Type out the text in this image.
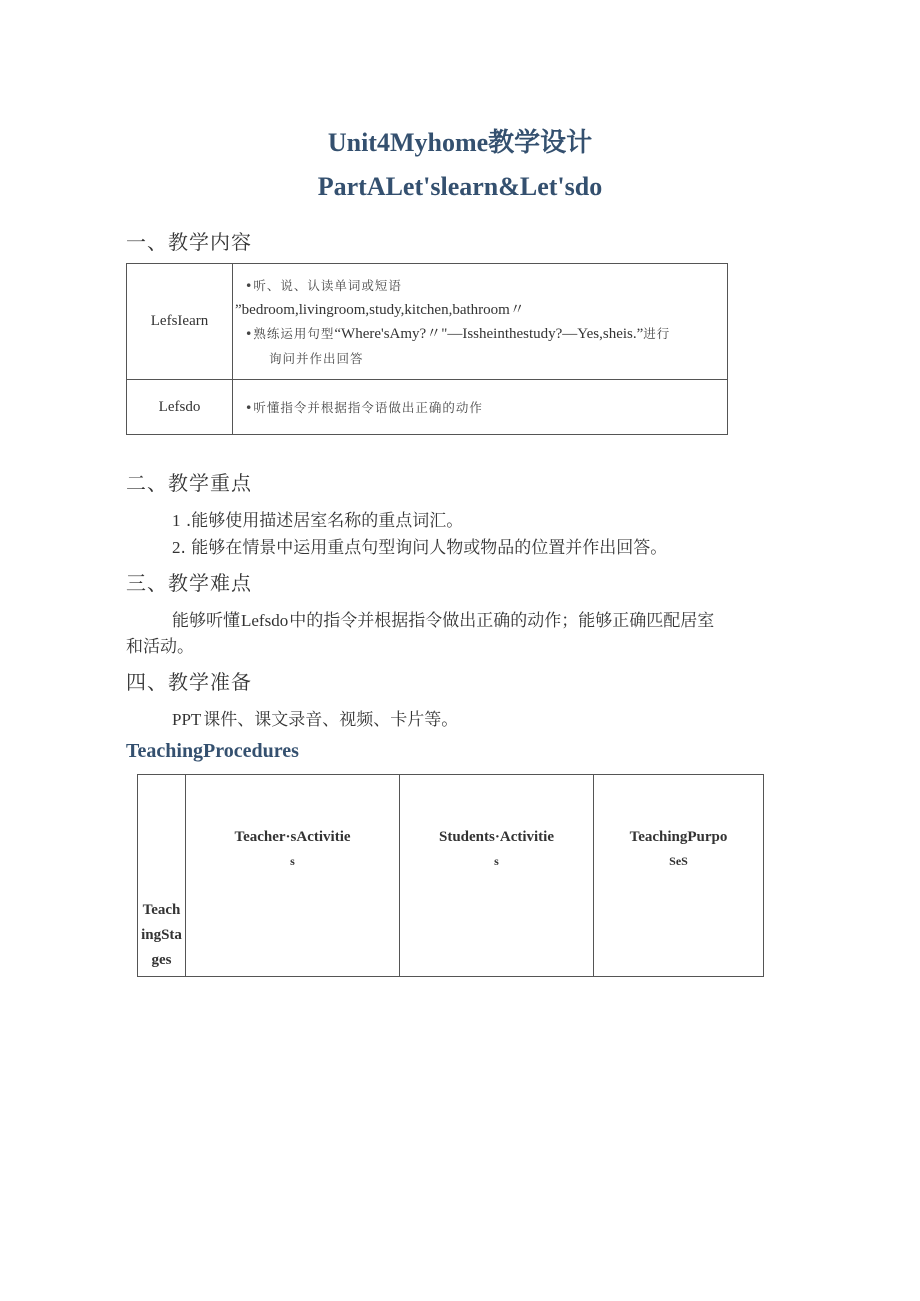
Unit4Myhome教学设计
PartALet'slearn&Let'sdo
一、教学内容
LefsIearn	•听、说、认读单词或短语
”bedroom,livingroom,study,kitchen,bathroom〃
•熟练运用句型“Where'sAmy?〃"—Issheinthestudy?—Yes,sheis.”进行
询问并作出回答

Lefsdo	•听懂指令并根据指令语做出正确的动作
二、教学重点
1 .能够使用描述居室名称的重点词汇。
2. 能够在情景中运用重点句型询问人物或物品的位置并作出回答。
三、教学难点
能够听懂Lefsdo中的指令并根据指令做出正确的动作；能够正确匹配居室
和活动。
四、教学准备
PPT 课件、课文录音、视频、卡片等。
TeachingProcedures
Teach
ingSta
ges
	Teacher·sActivitie
s
	Students·Activitie
s
	TeachingPurpo
SeS
